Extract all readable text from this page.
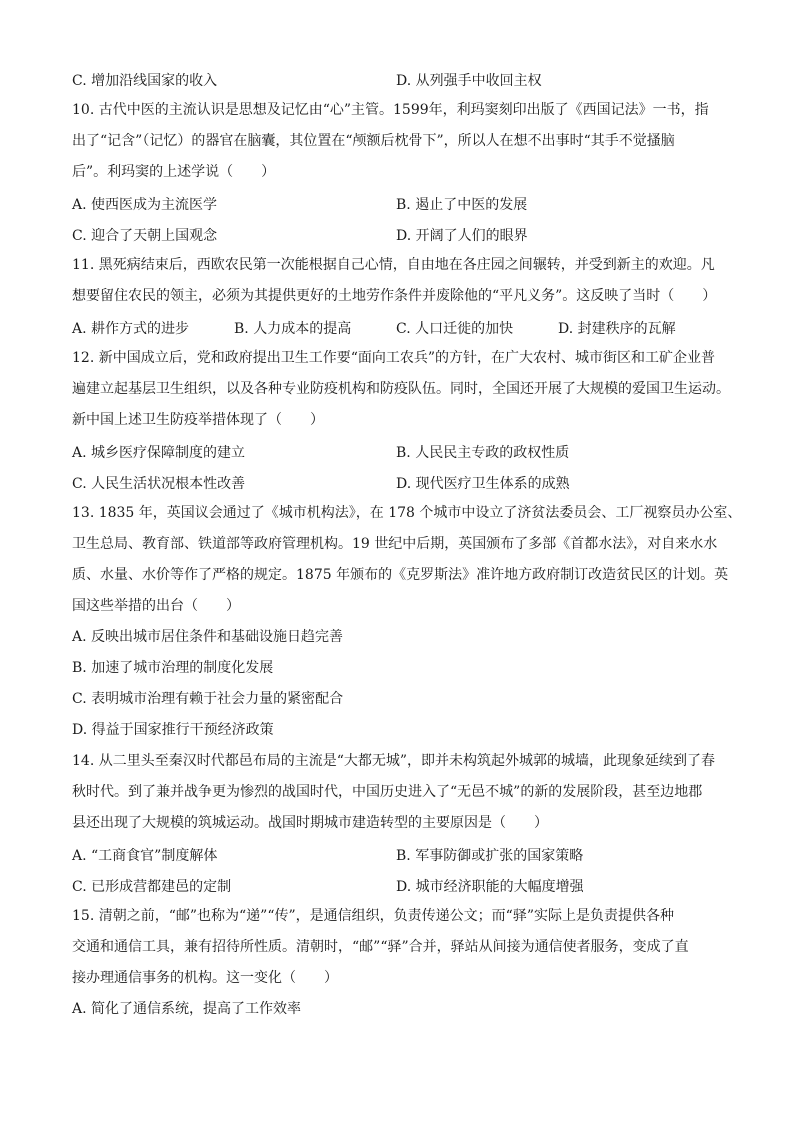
C. 增加沿线国家的收入	D. 从列强手中收回主权
10. 古代中医的主流认识是思想及记忆由“心”主管。1599年，利玛窦刻印出版了《西国记法》一书，指
出了“记含”（记忆）的器官在脑囊，其位置在“颅额后枕骨下”，所以人在想不出事时“其手不觉搔脑
后”。利玛窦的上述学说（　　）
A. 使西医成为主流医学	B. 遏止了中医的发展
C. 迎合了天朝上国观念	D. 开阔了人们的眼界
11. 黑死病结束后，西欧农民第一次能根据自己心情，自由地在各庄园之间辗转，并受到新主的欢迎。凡
想要留住农民的领主，必须为其提供更好的土地劳作条件并废除他的“平凡义务”。这反映了当时（　　）
A. 耕作方式的进步	B. 人力成本的提高	C. 人口迁徙的加快	D. 封建秩序的瓦解
12. 新中国成立后，党和政府提出卫生工作要“面向工农兵”的方针，在广大农村、城市街区和工矿企业普
遍建立起基层卫生组织，以及各种专业防疫机构和防疫队伍。同时，全国还开展了大规模的爱国卫生运动。
新中国上述卫生防疫举措体现了（　　）
A. 城乡医疗保障制度的建立	B. 人民民主专政的政权性质
C. 人民生活状况根本性改善	D. 现代医疗卫生体系的成熟
13. 1835 年，英国议会通过了《城市机构法》，在 178 个城市中设立了济贫法委员会、工厂视察员办公室、
卫生总局、教育部、铁道部等政府管理机构。19 世纪中后期，英国颁布了多部《首都水法》，对自来水水
质、水量、水价等作了严格的规定。1875 年颁布的《克罗斯法》准许地方政府制订改造贫民区的计划。英
国这些举措的出台（　　）
A. 反映出城市居住条件和基础设施日趋完善
B. 加速了城市治理的制度化发展
C. 表明城市治理有赖于社会力量的紧密配合
D. 得益于国家推行干预经济政策
14. 从二里头至秦汉时代都邑布局的主流是“大都无城”，即并未构筑起外城郭的城墙，此现象延续到了春
秋时代。到了兼并战争更为惨烈的战国时代，中国历史进入了“无邑不城”的新的发展阶段，甚至边地郡
县还出现了大规模的筑城运动。战国时期城市建造转型的主要原因是（　　）
A. “工商食官”制度解体	B. 军事防御或扩张的国家策略
C. 已形成营都建邑的定制	D. 城市经济职能的大幅度增强
15. 清朝之前，“邮”也称为“递”“传”，是通信组织，负责传递公文；而“驿”实际上是负责提供各种
交通和通信工具，兼有招待所性质。清朝时，“邮”“驿”合并，驿站从间接为通信使者服务，变成了直
接办理通信事务的机构。这一变化（　　）
A. 简化了通信系统，提高了工作效率
